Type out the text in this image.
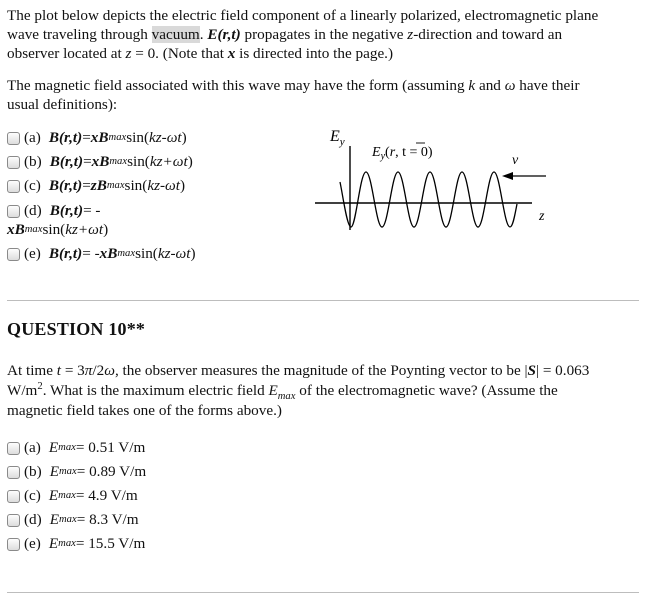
The plot below depicts the electric field component of a linearly polarized, electromagnetic plane
wave traveling through vacuum. E(r,t) propagates in the negative z-direction and toward an
observer located at z = 0. (Note that x is directed into the page.)
The magnetic field associated with this wave may have the form (assuming k and ω have their
usual definitions):
(a) B(r,t) = x B max sin( kz-ωt )
(b) B(r,t) = x B max sin( kz+ωt )
(c) B(r,t) = z B max sin( kz-ωt )
(d) B(r,t) = -
x B max sin( kz+ωt )
(e) B(r,t) = - x B max sin( kz-ωt )
$E_y$
$E_y(r$, t = 0)
v
z
QUESTION 10**
At time t = 3π/2ω, the observer measures the magnitude of the Poynting vector to be |S| = 0.063
$W/m^2$. What is the maximum electric field $E_{max}$ of the electromagnetic wave? (Assume the
magnetic field takes one of the forms above.)
(a) E max = 0.51 V/m
(b) E max = 0.89 V/m
(c) E max = 4.9 V/m
(d) E max = 8.3 V/m
(e) E max = 15.5 V/m
